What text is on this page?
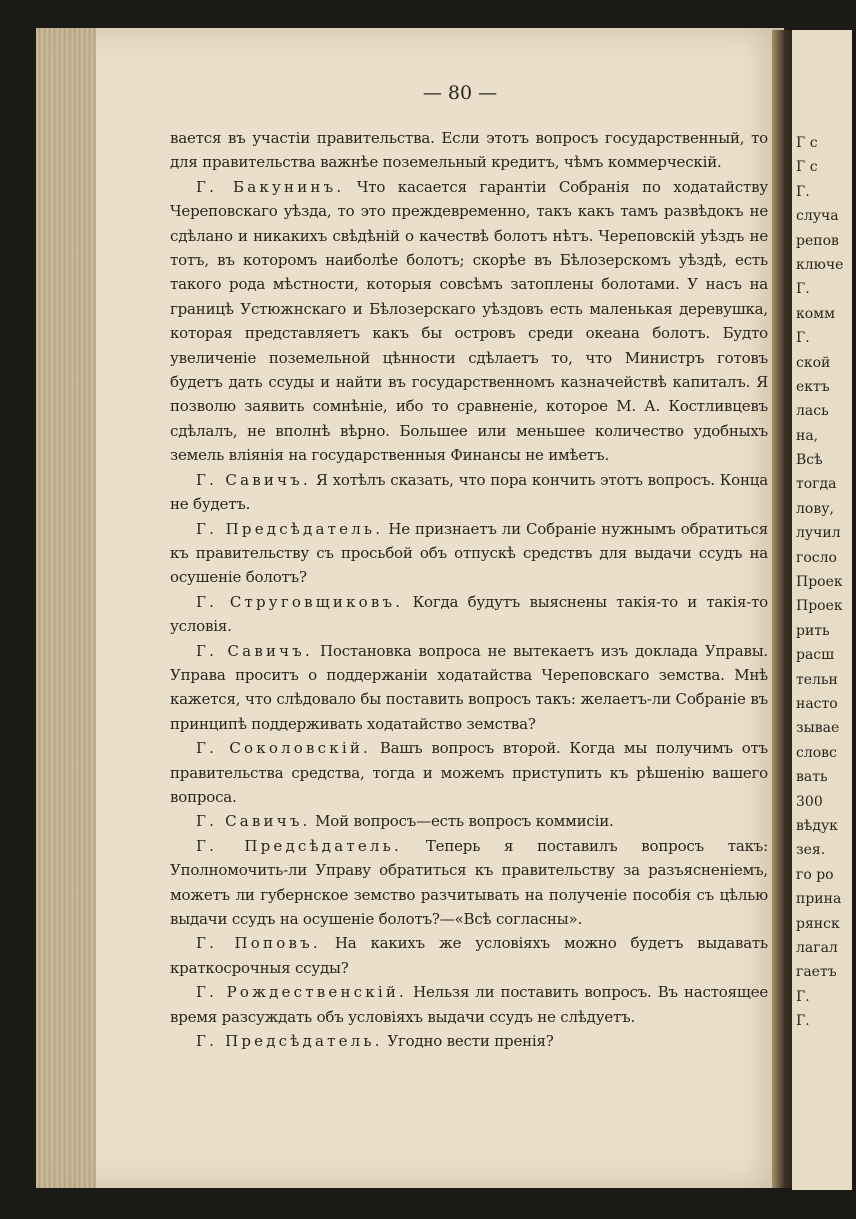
— 80 —

вается въ участіи правительства. Если этотъ вопросъ государственный, то для правительства важнѣе поземельный кредитъ, чѣмъ коммерческій.

Г. Бакунинъ. Что касается гарантіи Собранія по ходатайству Череповскаго уѣзда, то это преждевременно, такъ какъ тамъ развѣдокъ не сдѣлано и никакихъ свѣдѣній о качествѣ болотъ нѣтъ. Череповскій уѣздъ не тотъ, въ которомъ наиболѣе болотъ; скорѣе въ Бѣлозерскомъ уѣздѣ, есть такого рода мѣстности, которыя совсѣмъ затоплены болотами. У насъ на границѣ Устюжнскаго и Бѣлозерскаго уѣздовъ есть маленькая деревушка, которая представляетъ какъ бы островъ среди океана болотъ. Будто увеличеніе поземельной цѣнности сдѣлаетъ то, что Министръ готовъ будетъ дать ссуды и найти въ государственномъ казначействѣ капиталъ. Я позволю заявить сомнѣніе, ибо то сравненіе, которое М. А. Костливцевъ сдѣлалъ, не вполнѣ вѣрно. Большее или меньшее количество удобныхъ земель вліянія на государственныя Финансы не имѣетъ.

Г. Савичъ. Я хотѣлъ сказать, что пора кончить этотъ вопросъ. Конца не будетъ.

Г. Предсѣдатель. Не признаетъ ли Собраніе нужнымъ обратиться къ правительству съ просьбой объ отпускѣ средствъ для выдачи ссудъ на осушеніе болотъ?

Г. Струговщиковъ. Когда будутъ выяснены такія-то и такія-то условія.

Г. Савичъ. Постановка вопроса не вытекаетъ изъ доклада Управы. Управа проситъ о поддержаніи ходатайства Череповскаго земства. Мнѣ кажется, что слѣдовало бы поставить вопросъ такъ: желаетъ-ли Собраніе въ принципѣ поддерживать ходатайство земства?

Г. Соколовскій. Вашъ вопросъ второй. Когда мы получимъ отъ правительства средства, тогда и можемъ приступить къ рѣшенію вашего вопроса.

Г. Савичъ. Мой вопросъ—есть вопросъ коммисіи.

Г. Предсѣдатель. Теперь я поставилъ вопросъ такъ: Уполномочить-ли Управу обратиться къ правительству за разъясненіемъ, можетъ ли губернское земство разчитывать на полученіе пособія съ цѣлью выдачи ссудъ на осушеніе болотъ?—«Всѣ согласны».

Г. Поповъ. На какихъ же условіяхъ можно будетъ выдавать краткосрочныя ссуды?

Г. Рождественскій. Нельзя ли поставить вопросъ. Въ настоящее время разсуждать объ условіяхъ выдачи ссудъ не слѣдуетъ.

Г. Предсѣдатель. Угодно вести пренія?

Г с
Г с
Г.
случа
репов
ключе
Г.
комм
Г.
ской
ектъ
лась
на,
Всѣ
тогда
лову,
лучил
госло
Проек
Проек
рить
расш
тельн
насто
зывае
словс
вать
300
вѣдук
зея.
го ро
прина
рянск
лагал
гаетъ
Г.
Г.
